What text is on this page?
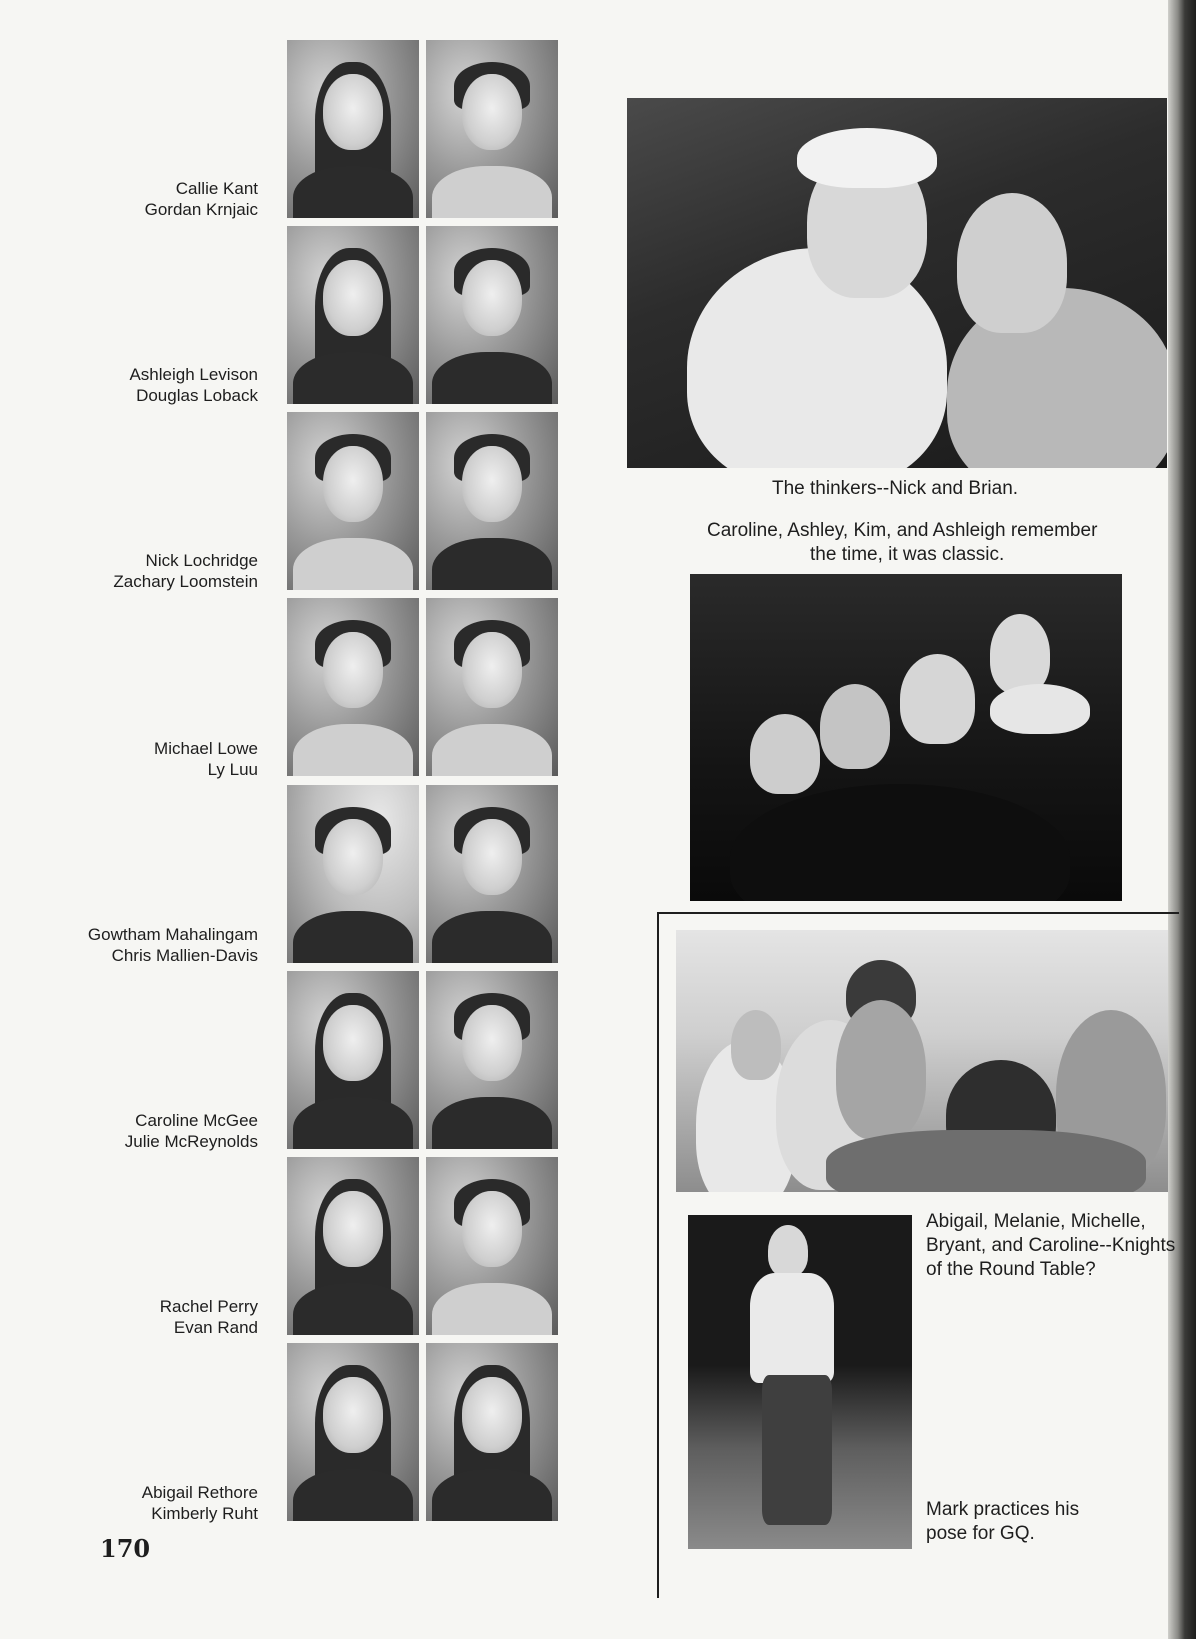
Callie Kant
Gordan Krnjaic
Ashleigh Levison
Douglas Loback
Nick Lochridge
Zachary Loomstein
Michael Lowe
Ly Luu
Gowtham Mahalingam
Chris Mallien-Davis
Caroline McGee
Julie McReynolds
Rachel Perry
Evan Rand
Abigail Rethore
Kimberly Ruht
The thinkers--Nick and Brian.
Caroline, Ashley, Kim, and Ashleigh remember
the time, it was classic.
Abigail, Melanie, Michelle,
Bryant, and Caroline--Knights
of the Round Table?
Mark practices his
pose for GQ.
170
